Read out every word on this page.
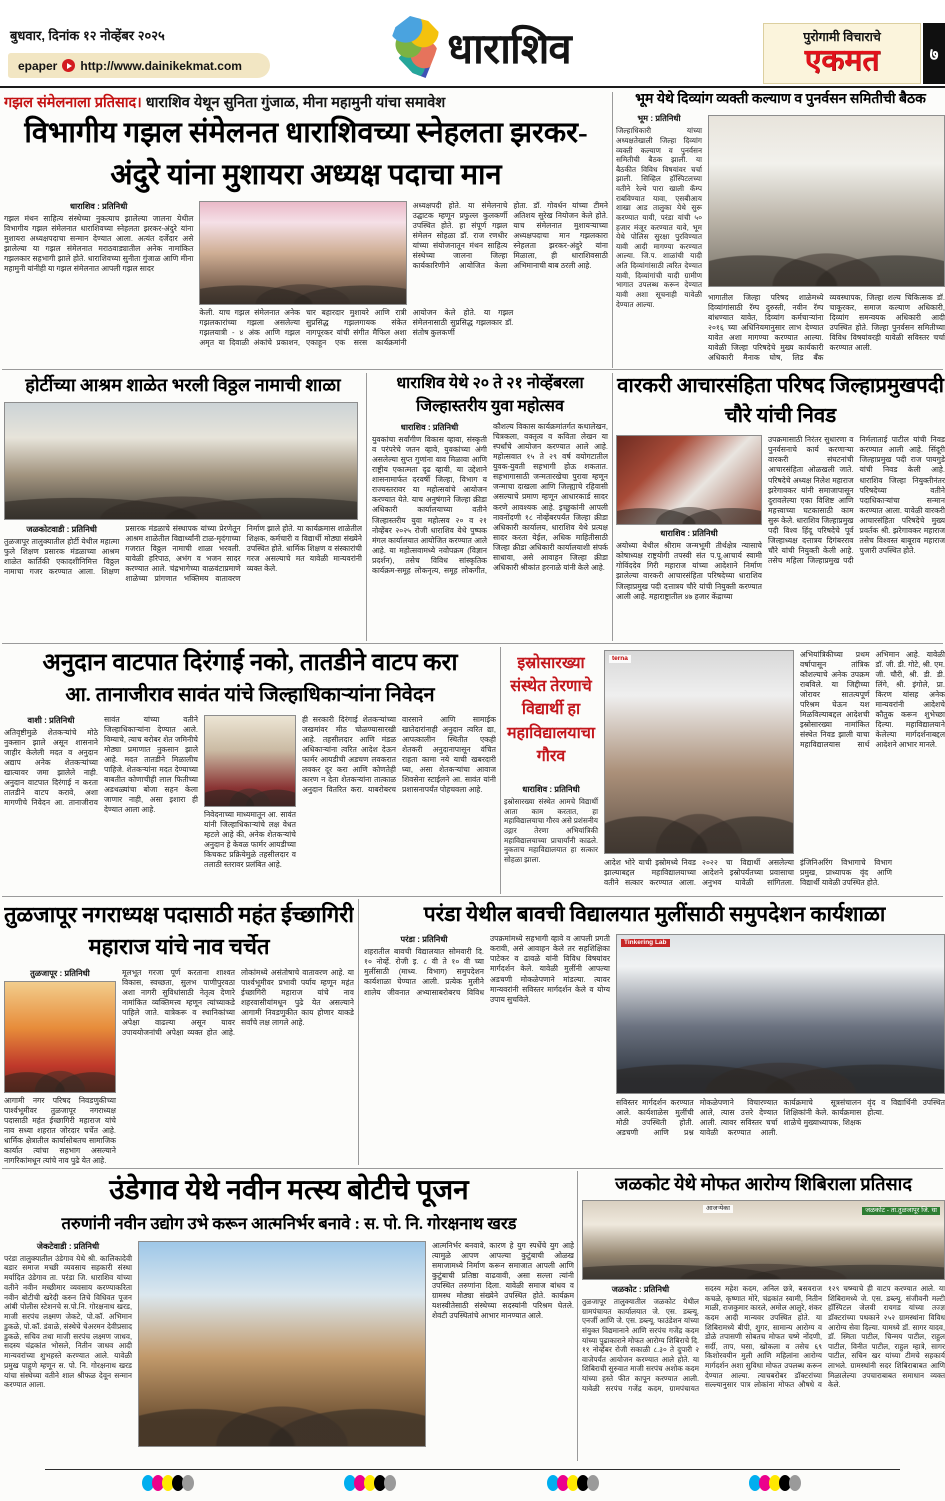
बुधवार, दिनांक १२ नोव्हेंबर २०२५
epaper http://www.dainikekmat.com	धाराशिव	पुरोगामी विचाराचे
एकमत	७
गझल संमेलनाला प्रतिसाद। धाराशिव येथून सुनिता गुंजाळ, मीना महामुनी यांचा समावेश
विभागीय गझल संमेलनत धाराशिवच्या स्नेहलता झरकर-अंदुरे यांना मुशायरा अध्यक्ष पदाचा मान
धाराशिव : प्रतिनिधी
गझल मंथन साहित्य संस्थेच्या नुकत्याच झालेल्या जालना येथील विभागीय गझल संमेलनात धाराशिवच्या स्नेहलता झरकर-अंदुरे यांना मुशायरा अध्यक्षपदाचा सन्मान देण्यात आला. अत्यंत दर्जेदार असे झालेल्या या गझल संमेलनात मराठवाड्यातील अनेक नामांकित गझलकार सहभागी झाले होते. धाराशिवच्या सुनीता गुंजाळ आणि मीना महामुनी यांनीही या गझल संमेलनात आपली गझल सादर
केली. याच गझल संमेलनात अनेक गझलकारांच्या गझला असलेल्या गझलयात्री - ४ अंक आणि गझल अमृत या दिवाळी अंकांचे प्रकाशन, चार बहारदार मुशायरे आणि रात्री सुप्रसिद्ध गझलगायक संकेत नागपूरकर यांची संगीत मैफिल अशा एकाहून एक सरस कार्यक्रमांनी आयोजन केले होते. या गझल संमेलनासाठी सुप्रसिद्ध गझलकार डॉ. संतोष कुलकर्णी
अध्यक्षपदी होते. या संमेलनाचे उद्घाटक म्हणून प्रफुल्ल कुलकर्णी उपस्थित होते. हा संपूर्ण गझल संमेलन सोहळा डॉ. राज रणधीर यांच्या संयोजनातून मंथन साहित्य संस्थेच्या जालना जिल्हा कार्यकारिणीने आयोजित केला होता. डॉ. गोवर्धन यांच्या टीमने अतिशय सुरेख नियोजन केले होते. याच संमेलनात मुशायऱ्याच्या अध्यक्षपदाचा मान गझलकारा स्नेहलता झरकर-अंदुरे यांना मिळाला, ही धाराशिवसाठी अभिमानाची बाब ठरली आहे.
भूम येथे दिव्यांग व्यक्ती कल्याण व पुनर्वसन समितीची बैठक
भूम : प्रतिनिधी
जिल्हाधिकारी यांच्या अध्यक्षतेखाली जिल्हा दिव्यांग व्यक्ती कल्याण व पुनर्वसन समितीची बैठक झाली. या बैठकीत विविध विषयांवर चर्चा झाली. सिव्हिल हॉस्पिटलच्या वतीने रेल्वे पारा खाली कॅम्प राबविण्यात यावा, एसबीआय शाखा आड तालुका येथे सुरू करण्यात यावी, परंडा यांची ५० हजार मंजूर करण्यात यावे, भूम येथे पोलिस सुरक्षा पुरविण्यात यावी आदी मागण्या करण्यात आल्या. जि.प. शाळांची यादी अति दिव्यांगांसाठी त्वरित देण्यात यावी, दिव्यांगांची यादी ग्रामीण भागात उपलब्ध करून देण्यात यावी अशा सूचनाही यावेळी देण्यात आल्या.
भागातील जिल्हा परिषद शाळेमध्ये दिव्यांगांसाठी रॅम्प दुरुस्ती, नवीन रॅम्प बांधण्यात यावेत, दिव्यांग कर्मचाऱ्यांना २०१६ च्या अधिनियमानुसार लाभ देण्यात यावेत अशा मागण्या करण्यात आल्या. यावेळी जिल्हा परिषदेचे मुख्य कार्यकारी अधिकारी मैनाक घोष, लिड बँक व्यवस्थापक, जिल्हा शल्य चिकित्सक डॉ. चाकूरकर, समाज कल्याण अधिकारी, दिव्यांग समन्वयक अधिकारी आदी उपस्थित होते. जिल्हा पुनर्वसन समितीच्या विविध विषयांवरही यावेळी सविस्तर चर्चा करण्यात आली.
होर्टीच्या आश्रम शाळेत भरली विठ्ठल नामाची शाळा
जळकोटवाडी : प्रतिनिधी
तुळजापूर तालुक्यातील होर्टी येथील महात्मा फुले शिक्षण प्रसारक मंडळाच्या आश्रम शाळेत कार्तिकी एकादशीनिमित्त विठ्ठल नामाचा गजर करण्यात आला. शिक्षण प्रसारक मंडळाचे संस्थापक यांच्या प्रेरणेतून आश्रम शाळेतील विद्यार्थ्यांनी टाळ-मृदंगाच्या गजरात विठ्ठल नामाची शाळा भरवली. यावेळी हरिपाठ, अभंग व भजन सादर करण्यात आले. चंद्रभागेच्या वाळवंटाप्रमाणे शाळेच्या प्रांगणात भक्तिमय वातावरण निर्माण झाले होते. या कार्यक्रमास शाळेतील शिक्षक, कर्मचारी व विद्यार्थी मोठ्या संख्येने उपस्थित होते. धार्मिक शिक्षण व संस्कारांची गरज असल्याचे मत यावेळी मान्यवरांनी व्यक्त केले.
धाराशिव येथे २० ते २१ नोव्हेंबरला जिल्हास्तरीय युवा महोत्सव
धाराशिव : प्रतिनिधी
युवकांचा सर्वांगीण विकास व्हावा, संस्कृती व परंपरेचे जतन व्हावे, युवकांच्या अंगी असलेल्या सुप्त गुणांना वाव मिळावा आणि राष्ट्रीय एकात्मता दृढ व्हावी, या उद्देशाने शासनामार्फत दरवर्षी जिल्हा, विभाग व राज्यस्तरावर या महोत्सवांचे आयोजन करण्यात येते. याच अनुषंगाने जिल्हा क्रीडा अधिकारी कार्यालयाच्या वतीने जिल्हास्तरीय युवा महोत्सव २० व २१ नोव्हेंबर २०२५ रोजी धाराशिव येथे पुष्पक मंगल कार्यालयात आयोजित करण्यात आले आहे. या महोत्सवामध्ये नवोपक्रम (विज्ञान प्रदर्शन), तसेच विविध सांस्कृतिक कार्यक्रम-समूह लोकनृत्य, समूह लोकगीत, कौशल्य विकास कार्यक्रमांतर्गत कथालेखन, चित्रकला, वक्तृत्व व कविता लेखन या स्पर्धांचे आयोजन करण्यात आले आहे. महोत्सवात १५ ते २९ वर्ष वयोगटातील युवक-युवती सहभागी होऊ शकतात. सहभागासाठी जन्मतारखेचा पुरावा म्हणून जन्माचा दाखला आणि जिल्ह्याचे रहिवासी असल्याचे प्रमाण म्हणून आधारकार्ड सादर करणे आवश्यक आहे. इच्छुकांनी आपली नावनोंदणी १८ नोव्हेंबरपर्यंत जिल्हा क्रीडा अधिकारी कार्यालय, धाराशिव येथे प्रत्यक्ष सादर करता येईल, अधिक माहितीसाठी जिल्हा क्रीडा अधिकारी कार्यालयाशी संपर्क साधावा, असे आवाहन जिल्हा क्रीडा अधिकारी श्रीकांत हरनाळे यांनी केले आहे.
वारकरी आचारसंहिता परिषद जिल्हाप्रमुखपदी चौरे यांची निवड
धाराशिव : प्रतिनिधी
अयोध्या येथील श्रीराम जन्मभूमी तीर्थक्षेत्र न्यासाचे कोषाध्यक्ष राष्ट्रयोगी तपस्वी संत प.पू.आचार्य स्वामी गोविंददेव गिरी महाराज यांच्या आदेशाने निर्माण झालेल्या वारकरी आचारसंहिता परिषदेच्या धाराशिव जिल्हाप्रमुख पदी दत्तात्रय चौरे यांची नियुक्ती करण्यात आली आहे. महाराष्ट्रातील ४७ हजार केंद्राच्या
उपक्रमासाठी निरंतर सुधारणा व पुनर्वसनाचे कार्य करणाऱ्या वारकरी संघटनांची आचारसंहिता ओळखली जाते. परिषदेचे अध्यक्ष निलेश महाराज झरेगावकर यांनी समाजापासून दुरावलेल्या एका विशिष्ट आणि महत्त्वाच्या घटकासाठी काम सुरू केले. धाराशिव जिल्हाप्रमुख पदी विश्व हिंदू परिषदेचे पूर्व जिल्हाध्यक्ष दत्तात्रय दिगंबरराव चौरे यांची नियुक्ती केली आहे. तसेच महिला जिल्हाप्रमुख पदी निर्मलाताई पाटील यांची निवड करण्यात आली आहे. सिंदूरी जिल्हाप्रमुख पदी राज पायगुडे यांची निवड केली आहे. धाराशिव जिल्हा नियुक्तीनंतर परिषदेच्या वतीने पदाधिकाऱ्यांचा सन्मान करण्यात आला. यावेळी वारकरी आचारसंहिता परिषदेचे मुख्य प्रवर्तक श्री. झरेगावकर महाराज तसेच विश्वस्त बाबूराव महाराज पुजारी उपस्थित होते.
अनुदान वाटपात दिरंगाई नको, तातडीने वाटप करा
आ. तानाजीराव सावंत यांचे जिल्हाधिकाऱ्यांना निवेदन
वाशी : प्रतिनिधी
अतिवृष्टीमुळे शेतकऱ्यांचे मोठे नुकसान झाले असून शासनाने जाहीर केलेली मदत व अनुदान अद्याप अनेक शेतकऱ्यांच्या खात्यावर जमा झालेले नाही. अनुदान वाटपात दिरंगाई न करता तातडीने वाटप करावे, अशा मागणीचे निवेदन आ. तानाजीराव सावंत यांच्या वतीने जिल्हाधिकाऱ्यांना देण्यात आले. विम्याचे, त्याच बरोबर शेत जमिनीचे मोठ्या प्रमाणात नुकसान झाले आहे. मदत तातडीने मिळालीच पाहिजे. शेतकऱ्यांना मदत देण्याच्या बाबतीत कोणाचीही लाल फितीच्या अडथळ्यांचा बोजा सहन केला जाणार नाही, असा इशारा ही देण्यात आला आहे.
निवेदनाच्या माध्यमातून आ. सावंत यांनी जिल्हाधिकाऱ्यांचे लक्ष वेधत म्हटले आहे की, अनेक शेतकऱ्यांचे अनुदान हे केवळ फार्मर आयडीच्या किचकट प्रक्रियेमुळे तहसीलदार व तलाठी स्तरावर प्रलंबित आहे.
ही सरकारी दिरंगाई शेतकऱ्यांच्या जखमांवर मीठ चोळण्यासारखी आहे. तहसीलदार आणि मंडळ अधिकाऱ्यांना त्वरित आदेश देऊन फार्मर आयडीची अडचण लवकरात लवकर दूर करा आणि कोणतेही कारण न देता शेतकऱ्यांना तात्काळ अनुदान वितरित करा. याबरोबरच वारसाने आणि सामाईक खातेदारांनाही अनुदान त्वरित द्या, आपत्कालीन स्थितीत एकही शेतकरी अनुदानापासून वंचित राहता कामा नये याची खबरदारी घ्या, असा शेतकऱ्यांचा आवाज शिवसेना स्टाईलने आ. सावंत यांनी प्रशासनापर्यंत पोहचवला आहे.
इस्रोसारख्या संस्थेत तेरणाचे विद्यार्थी हा महाविद्यालयाचा गौरव
धाराशिव : प्रतिनिधी
इस्रोसारख्या संस्थेत आमचे विद्यार्थी आता काम करतात, हा महाविद्यालयाचा गौरव असे प्रशंसनीय उद्गार तेरणा अभियांत्रिकी महाविद्यालयाच्या प्राचार्यांनी काढले. नुकताच महाविद्यालयात हा सत्कार सोहळा झाला.
terna
आदेश भोरे याची इस्रोमध्ये निवड झाल्याबद्दल महाविद्यालयाच्या वतीने सत्कार करण्यात आला. २०२२ चा विद्यार्थी असलेल्या आदेशने इस्रोपर्यंतच्या प्रवासाचा अनुभव यावेळी सांगितला. इंजिनिअरिंग विभागाचे विभाग प्रमुख, प्राध्यापक वृंद आणि विद्यार्थी यावेळी उपस्थित होते.
अभियांत्रिकीच्या प्रथम वर्षापासून तांत्रिक कौशल्याचे अनेक उपक्रम राबविले. या जिद्दीच्या जोरावर सातत्यपूर्ण परिश्रम घेऊन यश मिळविल्याबद्दल आदेशची इस्रोसारख्या नामांकित संस्थेत निवड झाली याचा महाविद्यालयास सार्थ अभिमान आहे. यावेळी डॉ. जी. डी. गोटे, श्री. एम. जी. चौरी, श्री. डी. डी. लिंगे, श्री. इंगोले, प्रा. किरण यांसह अनेक मान्यवरांनी आदेशचे कौतुक करून शुभेच्छा दिल्या. महाविद्यालयाने केलेल्या मार्गदर्शनाबद्दल आदेशने आभार मानले.
तुळजापूर नगराध्यक्ष पदासाठी महंत ईच्छागिरी महाराज यांचे नाव चर्चेत
तुळजापूर : प्रतिनिधी
आगामी नगर परिषद निवडणुकीच्या पार्श्वभूमीवर तुळजापूर नगराध्यक्ष पदासाठी महंत ईच्छागिरी महाराज यांचे नाव सध्या शहरात जोरदार चर्चेत आहे. धार्मिक क्षेत्रातील कार्यासोबतच सामाजिक कार्यात त्यांचा सहभाग असल्याने नागरिकांमधून त्यांचे नाव पुढे येत आहे.
मूलभूत गरजा पूर्ण करताना शाश्वत विकास, स्वच्छता, सुलभ पाणीपुरवठा अशा नागरी सुविधांसाठी नेतृत्व देणारे नामांकित व्यक्तिमत्त्व म्हणून त्यांच्याकडे पाहिले जाते. यात्रेकरू व स्थानिकांच्या अपेक्षा वाढल्या असून यावर उपाययोजनांची अपेक्षा व्यक्त होत आहे. लोकांमध्ये असंतोषाचे वातावरण आहे. या पार्श्वभूमीवर प्रभावी पर्याय म्हणून महंत ईच्छागिरी महाराज यांचे नाव शहरवासीयांमधून पुढे येत असल्याने आगामी निवडणुकीत काय होणार याकडे सर्वांचे लक्ष लागले आहे.
परंडा येथील बावची विद्यालयात मुलींसाठी समुपदेशन कार्यशाळा
परंडा : प्रतिनिधी
शहरातील बावची विद्यालयात सोमवारी दि. १० नोव्हें. रोजी इ. ८ वी ते १० वी च्या मुलींसाठी (माध्य. विभाग) समुपदेशन कार्यशाळा घेण्यात आली. प्रत्येक मुलीने शालेय जीवनात अभ्यासाबरोबरच विविध उपक्रमांमध्ये सहभागी व्हावे व आपली प्रगती करावी, असे आवाहन केले तर सहशिक्षिका पाटेकर व ढावळे यांनी विविध विषयांवर मार्गदर्शन केले. यावेळी मुलींनी आपल्या अडचणी मोकळेपणाने मांडल्या. त्यावर मान्यवरांनी सविस्तर मार्गदर्शन केले व योग्य उपाय सुचविले.
Tinkering Lab
सविस्तर मार्गदर्शन करण्यात आले. कार्यशाळेस मुलींची मोठी उपस्थिती होती. अडचणी आणि प्रश्न मोकळेपणाने विचारण्यात आले, त्यास उत्तरे देण्यात आली. त्यावर सविस्तर चर्चा यावेळी करण्यात आली. कार्यक्रमाचे सूत्रसंचालन शिक्षिकांनी केले. कार्यक्रमास शाळेचे मुख्याध्यापक, शिक्षक वृंद व विद्यार्थिनी उपस्थित होत्या.
उंडेगाव येथे नवीन मत्स्य बोटीचे पूजन
तरुणांनी नवीन उद्योग उभे करून आत्मनिर्भर बनावे : स. पो. नि. गोरक्षनाथ खरड
जेकटेवाडी : प्रतिनिधी
परंडा तालुक्यातील उंडेगाव येथे श्री. कालिकादेवी बडार समाज मच्छी व्यवसाय सहकारी संस्था मर्यादित उंडेगाव ता. परंडा जि. धाराशिव यांच्या वतीने नवीन मच्छीमार व्यवसाय करण्याकरिता नवीन बोटीची खरेदी करुन तिचे विधिवत पूजन आंबी पोलीस स्टेशनचे स.पो.नि. गोरक्षनाथ खरड, माजी सरपंच लक्ष्मण जेकटे, पो.कॉ. अभिमान डुकळे, पो.कॉ. डंवाळे, संस्थेचे चेअरमन देवीप्रसाद डुकळे, सचिव तथा माजी सरपंच लक्ष्मण जाधव, सदस्य चंद्रकांत भोसले, नितीन जाधव आदी मान्यवरांच्या शुभहस्ते करण्यात आले. यावेळी प्रमुख पाहुणे म्हणून स. पो. नि. गोरक्षनाथ खरड यांचा संस्थेच्या वतीने शाल श्रीफळ देवून सन्मान करण्यात आला.
आत्मनिर्भर बनवावे, कारण हे युग स्पर्धेचे युग आहे त्यामुळे आपण आपल्या कुटुंबाची ओळख समाजामध्ये निर्माण करून समाजात आपली आणि कुटुंबाची प्रतिष्ठा वाढवावी, असा सल्ला त्यांनी उपस्थित तरुणांना दिला. यावेळी समाज बांधव व ग्रामस्थ मोठ्या संख्येने उपस्थित होते. कार्यक्रम यशस्वीतेसाठी संस्थेच्या सदस्यांनी परिश्रम घेतले. शेवटी उपस्थितांचे आभार मानण्यात आले.
जळकोट येथे मोफत आरोग्य शिबिराला प्रतिसाद
आजऱ्येका	जळकोट - ता.तुळजापूर जि. धा
जळकोट : प्रतिनिधी
तुळजापूर तालुक्यातील जळकोट येथील ग्रामपंचायत कार्यालयात जे. एस. डब्ल्यू. एनर्जी आणि जे. एस. डब्ल्यू. फाउंडेशन यांच्या संयुक्त विद्यमानाने आणि सरपंच गजेंद्र कदम यांच्या पुढाकाराने मोफत आरोग्य शिबिराचे दि. ११ नोव्हेंबर रोजी सकाळी ८.३० ते दुपारी २ वाजेपर्यंत आयोजन करण्यात आले होते. या शिबिराची सुरुवात माजी सरपंच अशोक कदम यांच्या हस्ते फीत कापून करण्यात आली. यावेळी सरपंच गजेंद्र कदम, ग्रामपंचायत सदस्य महेश कदम, अनिल छत्रे, बसवराज कचळे, कृष्णात मोरे, चंद्रकांत स्वामी, नितीन माळी, राजकुमार कारले, अमोल आलुरे, शंकर कदम आदी मान्यवर उपस्थित होते. या शिबिरामध्ये बीपी, शुगर, सामान्य आरोग्य व डोळे तपासणी सोबतच मोफत चष्मे नोंदणी, सर्दी, ताप, घसा, खोकला व तसेच ६९ किशोरवयीन मुली आणि महिलांना आरोग्य मार्गदर्शन अशा सुविधा मोफत उपलब्ध करून देण्यात आल्या. त्याचबरोबर डॉक्टरांच्या सल्ल्यानुसार पात्र लोकांना मोफत औषधे व १२९ चष्म्याचे ही वाटप करण्यात आले. या शिबिरामध्ये जे. एस. डब्ल्यू. संजीवनी मल्टी हॉस्पिटल जेलवी रायगड यांच्या तज्ज्ञ डॉक्टरांच्या पथकाने २५२ ग्रामस्थांना विविध आरोग्य सेवा दिल्या. यामध्ये डॉ. सागर यादव, डॉ. स्मिता पाटील, चिन्मय पाटील, राहुल पाटील, विनीत पाटील, राहुल म्हात्रे, सागर पाटील, सचिन खर यांच्या टीमचे सहकार्य लाभले. ग्रामस्थांनी सदर शिबिराबाबत आणि मिळालेल्या उपचाराबाबत समाधान व्यक्त केले.
